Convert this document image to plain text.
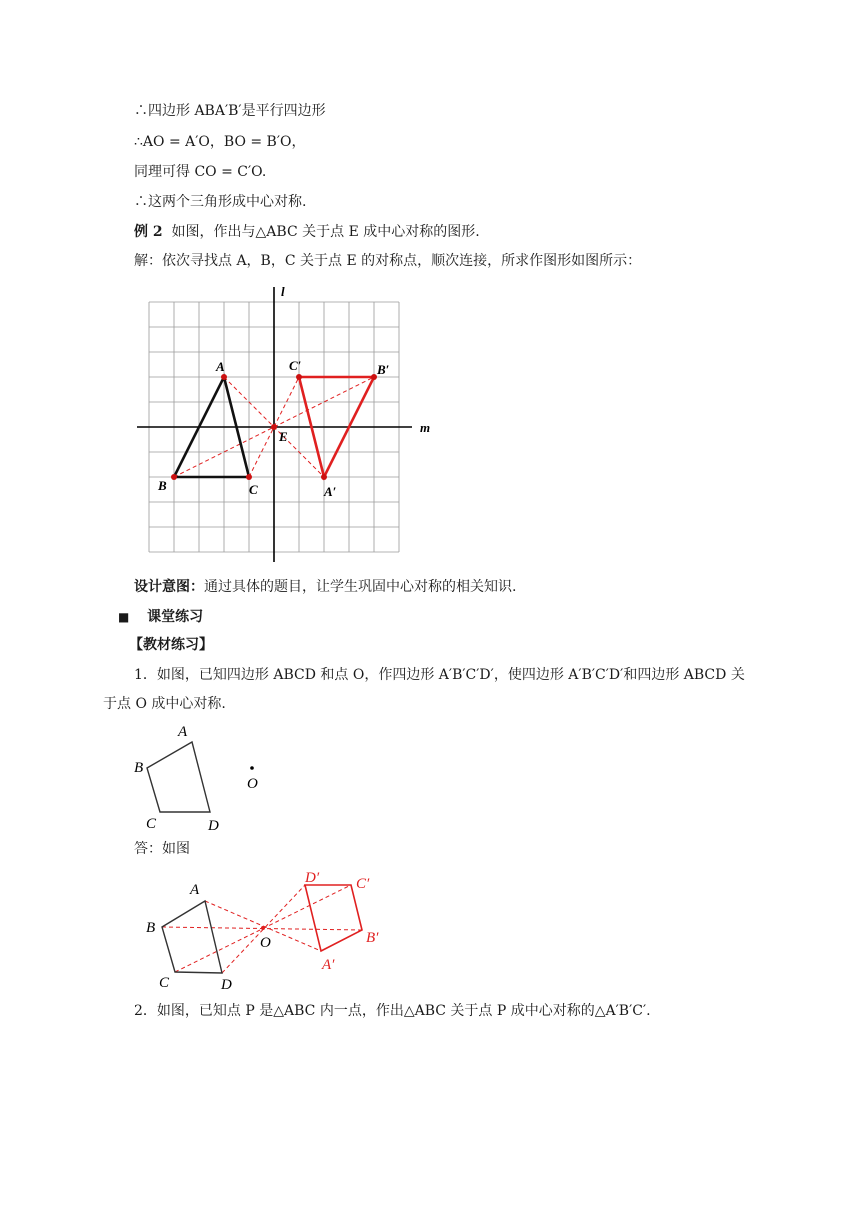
∴四边形 ABA′B′是平行四边形
∴AO = A′O，BO = B′O，
同理可得 CO = C′O.
∴这两个三角形成中心对称.
例 2 如图，作出与△ABC 关于点 E 成中心对称的图形.
解：依次寻找点 A，B，C 关于点 E 的对称点，顺次连接，所求作图形如图所示：
l
m
A
B	C
E
A′
B′
C′
设计意图：通过具体的题目，让学生巩固中心对称的相关知识.
■ 课堂练习
【教材练习】
1．如图，已知四边形 ABCD 和点 O，作四边形 A′B′C′D′，使四边形 A′B′C′D′和四边形 ABCD 关
于点 O 成中心对称.
A
B
C	D
O
答：如图
A
B
C	D
O
A′
B′
C′
D′
2．如图，已知点 P 是△ABC 内一点，作出△ABC 关于点 P 成中心对称的△A′B′C′.
